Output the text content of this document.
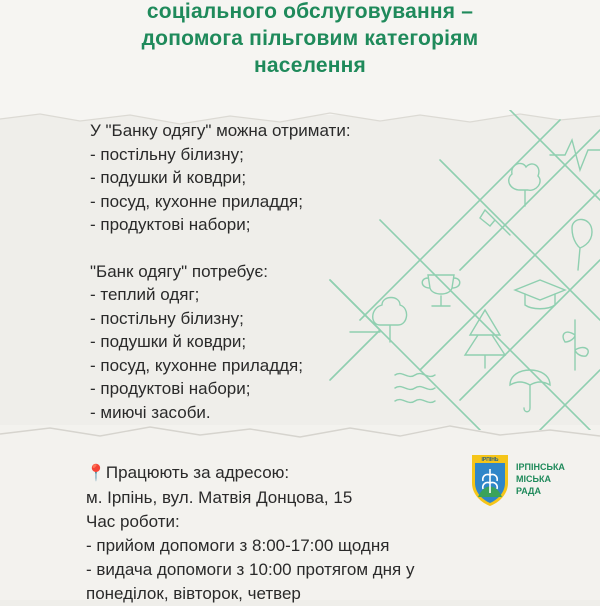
соціального обслуговування –
допомога пільговим категоріям
населення
У "Банку одягу" можна отримати:
- постільну білизну;
- подушки й ковдри;
- посуд, кухонне приладдя;
- продуктові набори;
"Банк одягу" потребує:
- теплий одяг;
- постільну білизну;
- подушки й ковдри;
- посуд, кухонне приладдя;
- продуктові набори;
- миючі засоби.
📍Працюють за адресою:
м. Ірпінь, вул. Матвія Донцова, 15
Час роботи:
- прийом допомоги з 8:00-17:00 щодня
- видача допомоги з 10:00 протягом дня у
понеділок, вівторок, четвер
ІРПІНЬ
ІРПІНСЬКА
МІСЬКА
РАДА
